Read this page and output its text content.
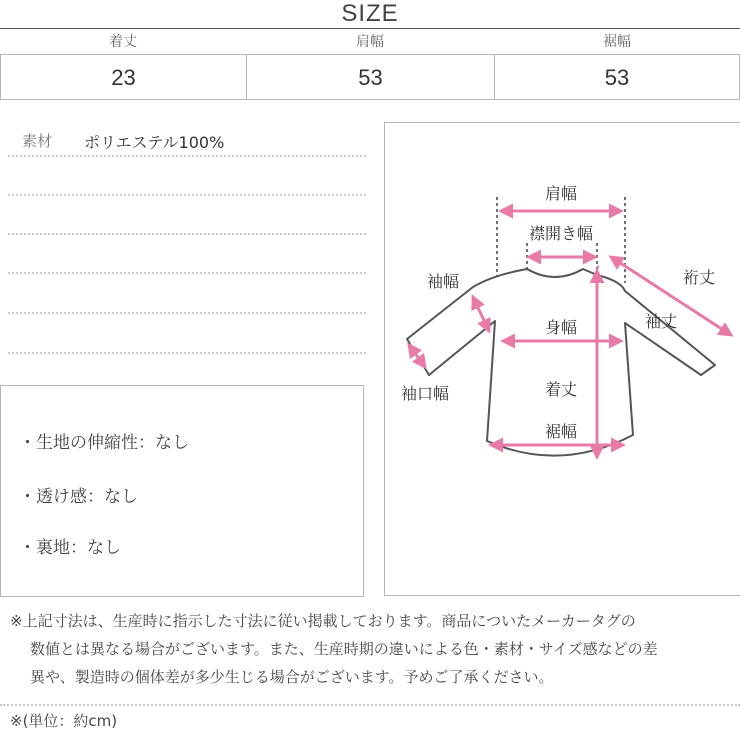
SIZE
着丈	肩幅	裾幅
23	53	53
素材 ポリエステル100%
・生地の伸縮性：なし
・透け感：なし
・裏地：なし
肩幅
襟開き幅
袖幅	裄丈
袖丈
身幅
袖口幅	着丈
裾幅
※上記寸法は、生産時に指示した寸法に従い掲載しております。商品についたメーカータグの
数値とは異なる場合がございます。また、生産時期の違いによる色・素材・サイズ感などの差
異や、製造時の個体差が多少生じる場合がございます。予めご了承ください。
※(単位：約cm)
